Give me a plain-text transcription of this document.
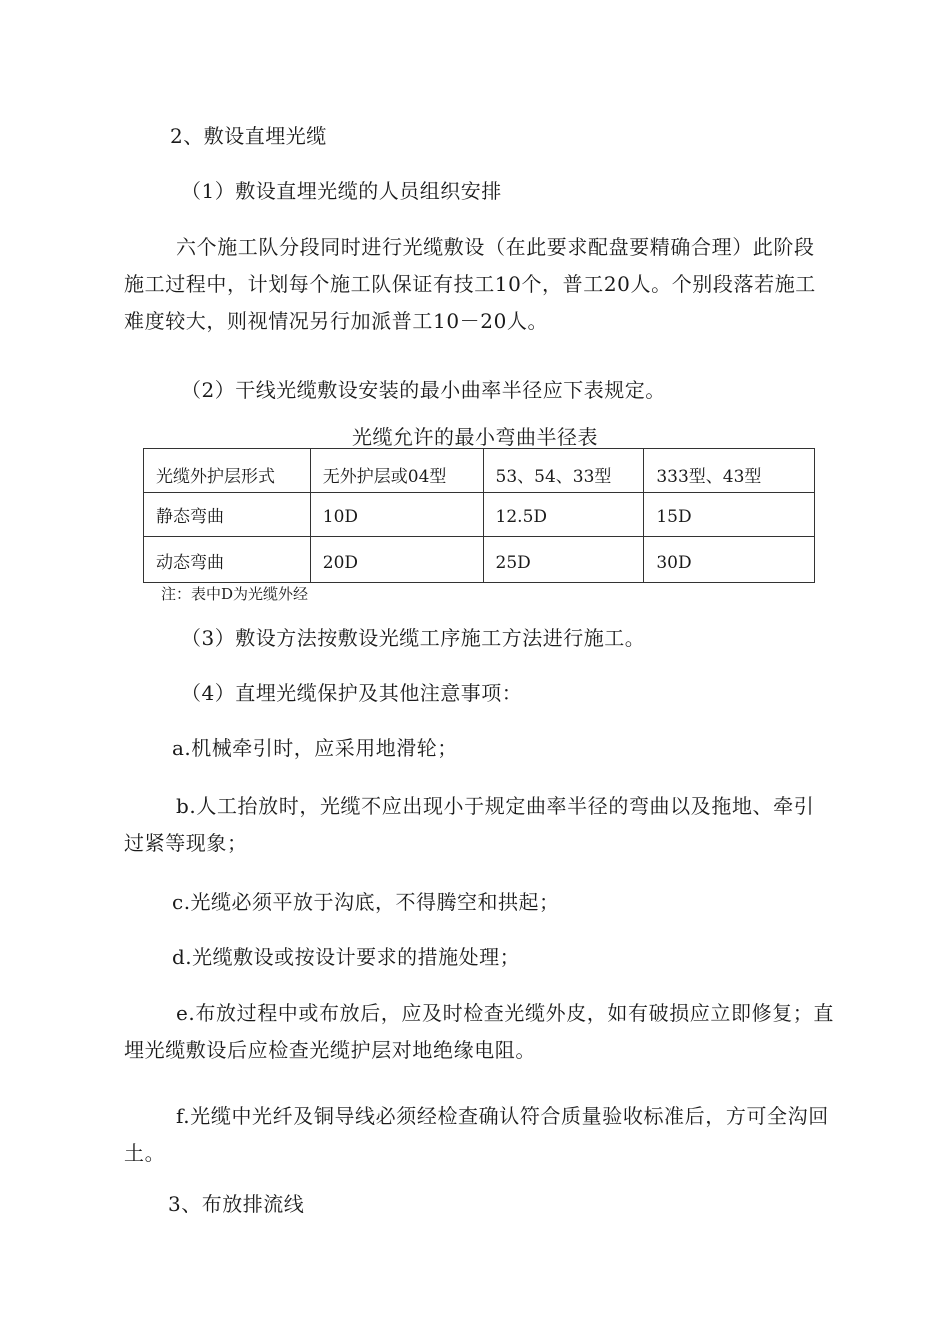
2、敷设直埋光缆
（1）敷设直埋光缆的人员组织安排
六个施工队分段同时进行光缆敷设（在此要求配盘要精确合理）此阶段施工过程中，计划每个施工队保证有技工10个，普工20人。个别段落若施工难度较大，则视情况另行加派普工10－20人。
（2）干线光缆敷设安装的最小曲率半径应下表规定。
光缆允许的最小弯曲半径表
光缆外护层形式	无外护层或04型	53、54、33型	333型、43型
静态弯曲	10D	12.5D	15D
动态弯曲	20D	25D	30D
注：表中D为光缆外经
（3）敷设方法按敷设光缆工序施工方法进行施工。
（4）直埋光缆保护及其他注意事项：
a.机械牵引时，应采用地滑轮；
b.人工抬放时，光缆不应出现小于规定曲率半径的弯曲以及拖地、牵引过紧等现象；
c.光缆必须平放于沟底，不得腾空和拱起；
d.光缆敷设或按设计要求的措施处理；
e.布放过程中或布放后，应及时检查光缆外皮，如有破损应立即修复；直埋光缆敷设后应检查光缆护层对地绝缘电阻。
f.光缆中光纤及铜导线必须经检查确认符合质量验收标准后，方可全沟回土。
3、布放排流线
